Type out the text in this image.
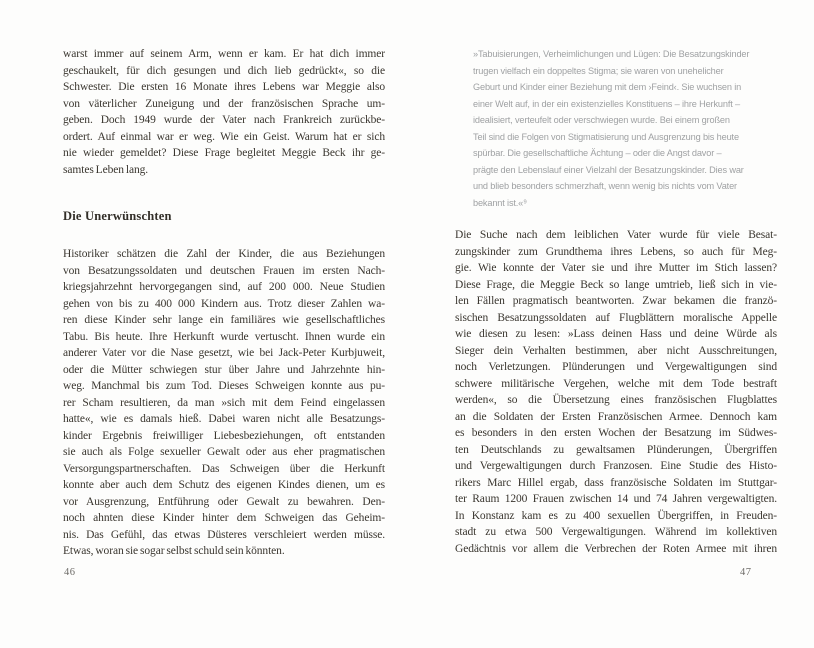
warst immer auf seinem Arm, wenn er kam. Er hat dich immer
geschaukelt, für dich gesungen und dich lieb gedrückt«, so die
Schwester. Die ersten 16 Monate ihres Lebens war Meggie also
von väterlicher Zuneigung und der französischen Sprache um-
geben. Doch 1949 wurde der Vater nach Frankreich zurückbe-
ordert. Auf einmal war er weg. Wie ein Geist. Warum hat er sich
nie wieder gemeldet? Diese Frage begleitet Meggie Beck ihr ge-
samtes Leben lang.
Die Unerwünschten
Historiker schätzen die Zahl der Kinder, die aus Beziehungen
von Besatzungssoldaten und deutschen Frauen im ersten Nach-
kriegsjahrzehnt hervorgegangen sind, auf 200 000. Neue Studien
gehen von bis zu 400 000 Kindern aus. Trotz dieser Zahlen wa-
ren diese Kinder sehr lange ein familiäres wie gesellschaftliches
Tabu. Bis heute. Ihre Herkunft wurde vertuscht. Ihnen wurde ein
anderer Vater vor die Nase gesetzt, wie bei Jack-Peter Kurbjuweit,
oder die Mütter schwiegen stur über Jahre und Jahrzehnte hin-
weg. Manchmal bis zum Tod. Dieses Schweigen konnte aus pu-
rer Scham resultieren, da man »sich mit dem Feind eingelassen
hatte«, wie es damals hieß. Dabei waren nicht alle Besatzungs-
kinder Ergebnis freiwilliger Liebesbeziehungen, oft entstanden
sie auch als Folge sexueller Gewalt oder aus eher pragmatischen
Versorgungspartnerschaften. Das Schweigen über die Herkunft
konnte aber auch dem Schutz des eigenen Kindes dienen, um es
vor Ausgrenzung, Entführung oder Gewalt zu bewahren. Den-
noch ahnten diese Kinder hinter dem Schweigen das Geheim-
nis. Das Gefühl, das etwas Düsteres verschleiert werden müsse.
Etwas, woran sie sogar selbst schuld sein könnten.
46
»Tabuisierungen, Verheimlichungen und Lügen: Die Besatzungskinder
trugen vielfach ein doppeltes Stigma; sie waren von unehelicher
Geburt und Kinder einer Beziehung mit dem ›Feind‹. Sie wuchsen in
einer Welt auf, in der ein existenzielles Konstituens – ihre Herkunft –
idealisiert, verteufelt oder verschwiegen wurde. Bei einem großen
Teil sind die Folgen von Stigmatisierung und Ausgrenzung bis heute
spürbar. Die gesellschaftliche Ächtung – oder die Angst davor –
prägte den Lebenslauf einer Vielzahl der Besatzungskinder. Dies war
und blieb besonders schmerzhaft, wenn wenig bis nichts vom Vater
bekannt ist.«⁹
Die Suche nach dem leiblichen Vater wurde für viele Besat-
zungskinder zum Grundthema ihres Lebens, so auch für Meg-
gie. Wie konnte der Vater sie und ihre Mutter im Stich lassen?
Diese Frage, die Meggie Beck so lange umtrieb, ließ sich in vie-
len Fällen pragmatisch beantworten. Zwar bekamen die franzö-
sischen Besatzungssoldaten auf Flugblättern moralische Appelle
wie diesen zu lesen: »Lass deinen Hass und deine Würde als
Sieger dein Verhalten bestimmen, aber nicht Ausschreitungen,
noch Verletzungen. Plünderungen und Vergewaltigungen sind
schwere militärische Vergehen, welche mit dem Tode bestraft
werden«, so die Übersetzung eines französischen Flugblattes
an die Soldaten der Ersten Französischen Armee. Dennoch kam
es besonders in den ersten Wochen der Besatzung im Südwes-
ten Deutschlands zu gewaltsamen Plünderungen, Übergriffen
und Vergewaltigungen durch Franzosen. Eine Studie des Histo-
rikers Marc Hillel ergab, dass französische Soldaten im Stuttgar-
ter Raum 1200 Frauen zwischen 14 und 74 Jahren vergewaltigten.
In Konstanz kam es zu 400 sexuellen Übergriffen, in Freuden-
stadt zu etwa 500 Vergewaltigungen. Während im kollektiven
Gedächtnis vor allem die Verbrechen der Roten Armee mit ihren
47
